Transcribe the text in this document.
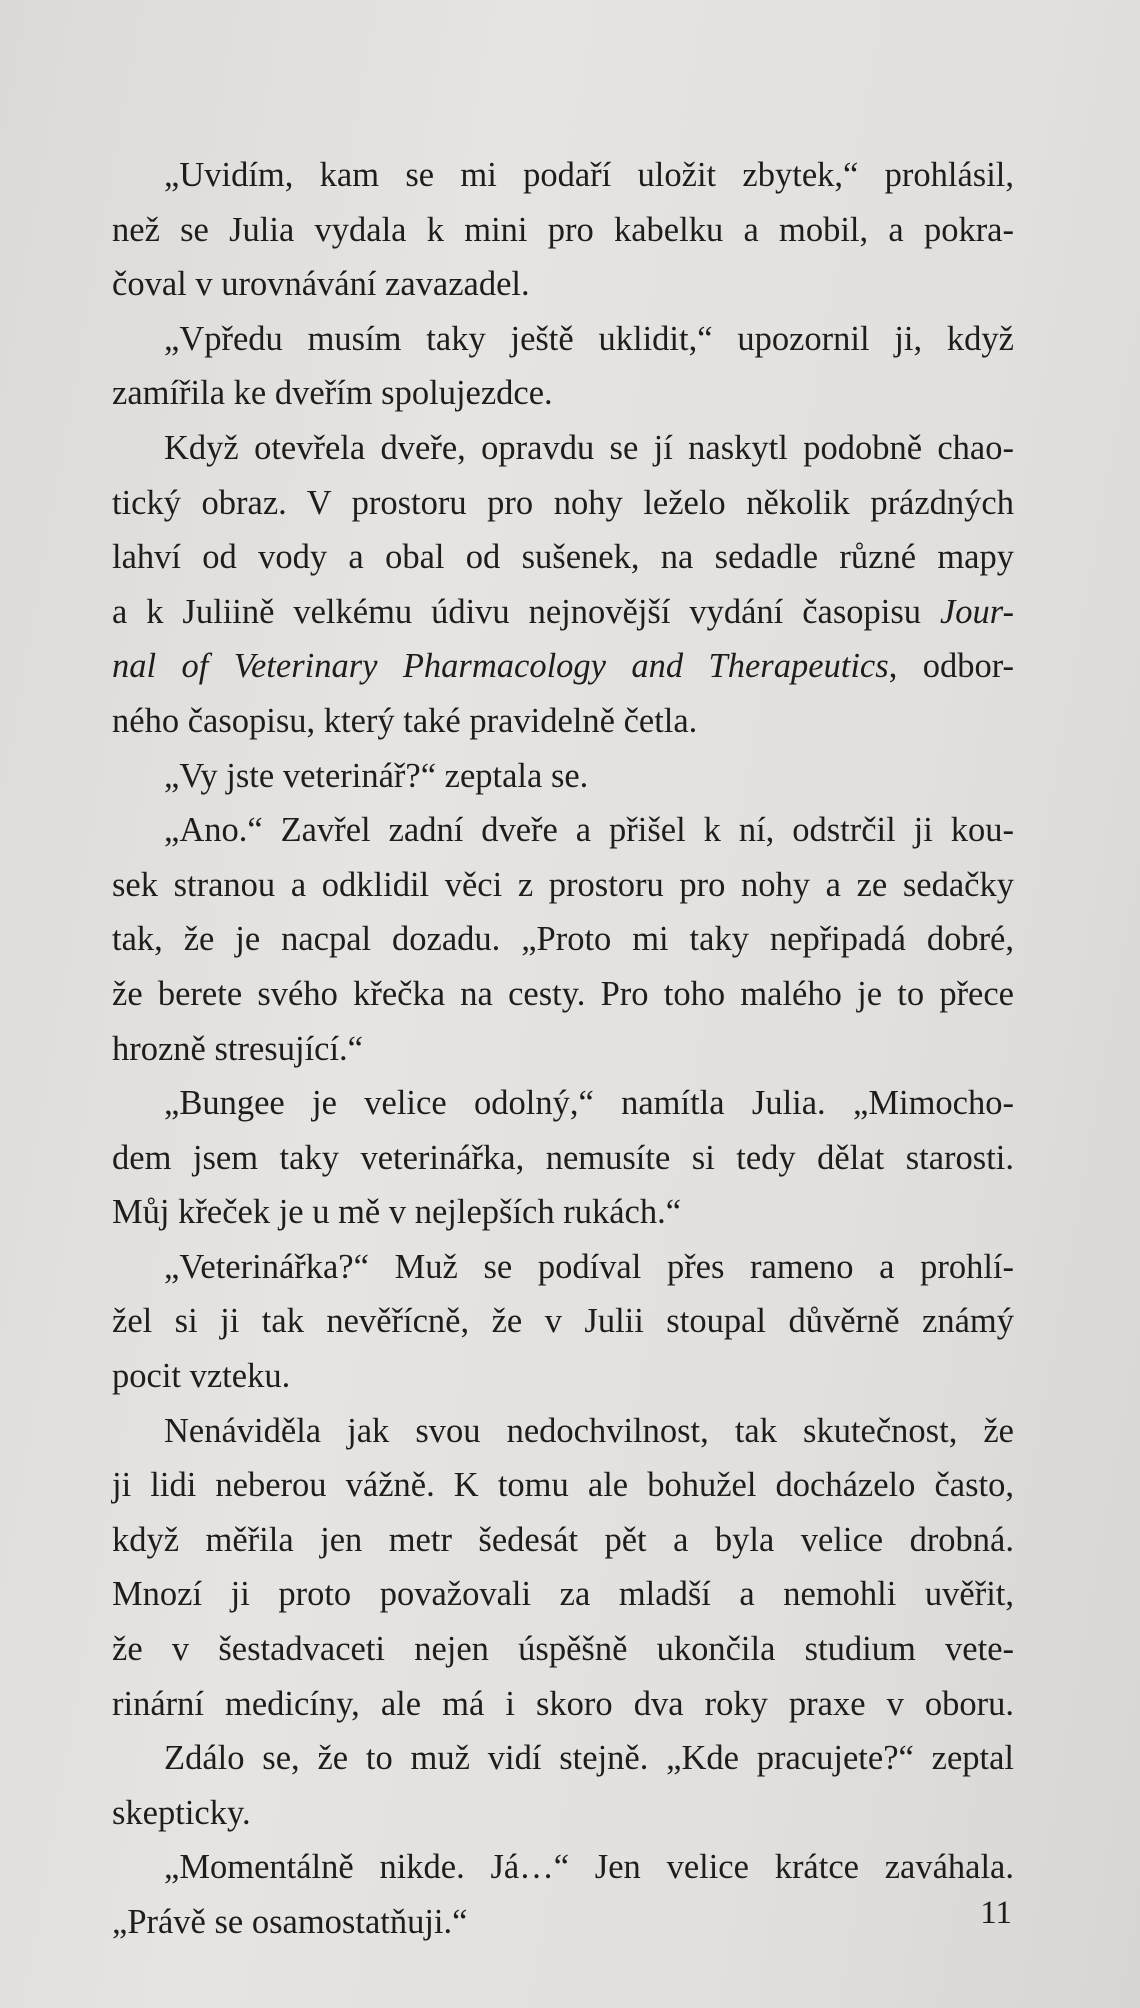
„Uvidím, kam se mi podaří uložit zbytek,“ prohlásil,
než se Julia vydala k mini pro kabelku a mobil, a pokra-
čoval v urovnávání zavazadel.
„Vpředu musím taky ještě uklidit,“ upozornil ji, když
zamířila ke dveřím spolujezdce.
Když otevřela dveře, opravdu se jí naskytl podobně chao-
tický obraz. V prostoru pro nohy leželo několik prázdných
lahví od vody a obal od sušenek, na sedadle různé mapy
a k Juliině velkému údivu nejnovější vydání časopisu Jour-
nal of Veterinary Pharmacology and Therapeutics, odbor-
ného časopisu, který také pravidelně četla.
„Vy jste veterinář?“ zeptala se.
„Ano.“ Zavřel zadní dveře a přišel k ní, odstrčil ji kou-
sek stranou a odklidil věci z prostoru pro nohy a ze sedačky
tak, že je nacpal dozadu. „Proto mi taky nepřipadá dobré,
že berete svého křečka na cesty. Pro toho malého je to přece
hrozně stresující.“
„Bungee je velice odolný,“ namítla Julia. „Mimocho-
dem jsem taky veterinářka, nemusíte si tedy dělat starosti.
Můj křeček je u mě v nejlepších rukách.“
„Veterinářka?“ Muž se podíval přes rameno a prohlí-
žel si ji tak nevěřícně, že v Julii stoupal důvěrně známý
pocit vzteku.
Nenáviděla jak svou nedochvilnost, tak skutečnost, že
ji lidi neberou vážně. K tomu ale bohužel docházelo často,
když měřila jen metr šedesát pět a byla velice drobná.
Mnozí ji proto považovali za mladší a nemohli uvěřit,
že v šestadvaceti nejen úspěšně ukončila studium vete-
rinární medicíny, ale má i skoro dva roky praxe v oboru.
Zdálo se, že to muž vidí stejně. „Kde pracujete?“ zeptal
skepticky.
„Momentálně nikde. Já…“ Jen velice krátce zaváhala.
„Právě se osamostatňuji.“	11
